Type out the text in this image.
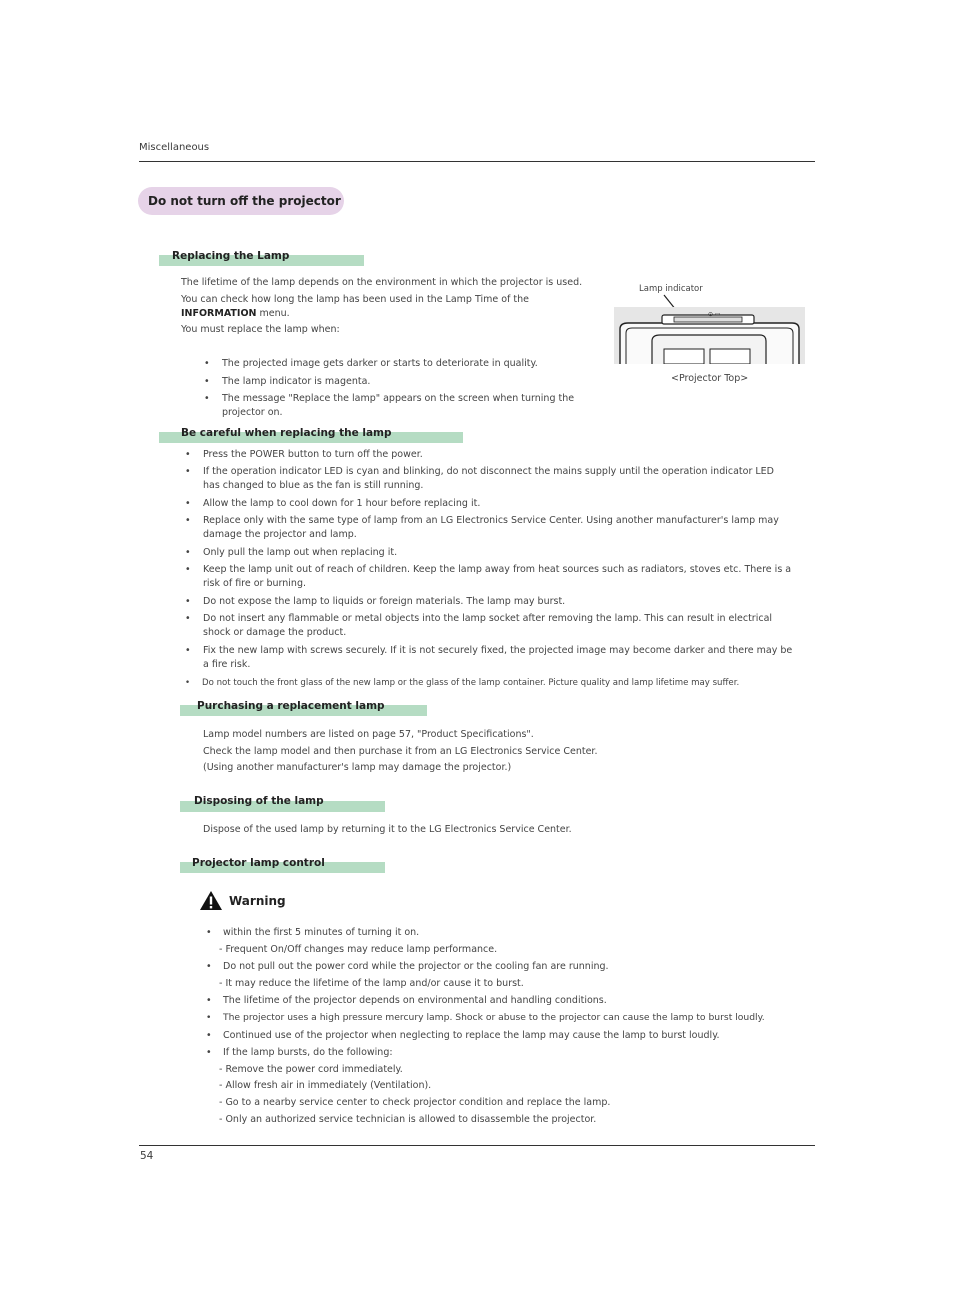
Miscellaneous
Do not turn off the projector
Replacing the Lamp
The lifetime of the lamp depends on the environment in which the projector is used.
You can check how long the lamp has been used in the Lamp Time of the
INFORMATION menu.
You must replace the lamp when:
• The projected image gets darker or starts to deteriorate in quality.
• The lamp indicator is magenta.
• The message "Replace the lamp" appears on the screen when turning the projector on.
Lamp indicator
⊙ ▭
<Projector Top>
Be careful when replacing the lamp
• Press the POWER button to turn off the power.
• If the operation indicator LED is cyan and blinking, do not disconnect the mains supply until the operation indicator LED has changed to blue as the fan is still running.
• Allow the lamp to cool down for 1 hour before replacing it.
• Replace only with the same type of lamp from an LG Electronics Service Center. Using another manufacturer's lamp may damage the projector and lamp.
• Only pull the lamp out when replacing it.
• Keep the lamp unit out of reach of children. Keep the lamp away from heat sources such as radiators, stoves etc. There is a risk of fire or burning.
• Do not expose the lamp to liquids or foreign materials. The lamp may burst.
• Do not insert any flammable or metal objects into the lamp socket after removing the lamp. This can result in electrical shock or damage the product.
• Fix the new lamp with screws securely. If it is not securely fixed, the projected image may become darker and there may be a fire risk.
• Do not touch the front glass of the new lamp or the glass of the lamp container. Picture quality and lamp lifetime may suffer.
Purchasing a replacement lamp
Lamp model numbers are listed on page 57, "Product Specifications".
Check the lamp model and then purchase it from an LG Electronics Service Center.
(Using another manufacturer's lamp may damage the projector.)
Disposing of the lamp
Dispose of the used lamp by returning it to the LG Electronics Service Center.
Projector lamp control
Warning
• within the first 5 minutes of turning it on.
- Frequent On/Off changes may reduce lamp performance.
• Do not pull out the power cord while the projector or the cooling fan are running.
- It may reduce the lifetime of the lamp and/or cause it to burst.
• The lifetime of the projector depends on environmental and handling conditions.
• The projector uses a high pressure mercury lamp. Shock or abuse to the projector can cause the lamp to burst loudly.
• Continued use of the projector when neglecting to replace the lamp may cause the lamp to burst loudly.
• If the lamp bursts, do the following:
- Remove the power cord immediately.
- Allow fresh air in immediately (Ventilation).
- Go to a nearby service center to check projector condition and replace the lamp.
- Only an authorized service technician is allowed to disassemble the projector.
54
